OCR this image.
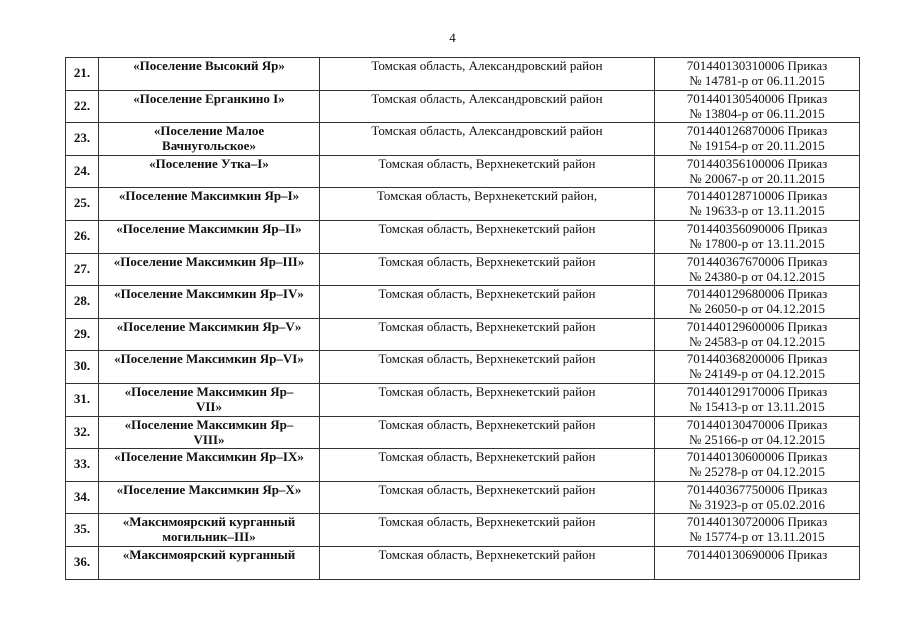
4
21.	«Поселение Высокий Яр»	Томская область, Александровский район	701440130310006 Приказ
№ 14781-р от 06.11.2015

22.	«Поселение Ерганкино I»	Томская область, Александровский район	701440130540006 Приказ
№ 13804-р от 06.11.2015

23.	«Поселение Малое
Вачнугольское»	Томская область, Александровский район	701440126870006 Приказ
№ 19154-р от 20.11.2015

24.	«Поселение Утка–I»	Томская область, Верхнекетский район	701440356100006 Приказ
№ 20067-р от 20.11.2015

25.	«Поселение Максимкин Яр–I»	Томская область, Верхнекетский район,	701440128710006 Приказ
№ 19633-р от 13.11.2015

26.	«Поселение Максимкин Яр–II»	Томская область, Верхнекетский район	701440356090006 Приказ
№ 17800-р от 13.11.2015

27.	«Поселение Максимкин Яр–III»	Томская область, Верхнекетский район	701440367670006 Приказ
№ 24380-р от 04.12.2015

28.	«Поселение Максимкин Яр–IV»	Томская область, Верхнекетский район	701440129680006 Приказ
№ 26050-р от 04.12.2015

29.	«Поселение Максимкин Яр–V»	Томская область, Верхнекетский район	701440129600006 Приказ
№ 24583-р от 04.12.2015

30.	«Поселение Максимкин Яр–VI»	Томская область, Верхнекетский район	701440368200006 Приказ
№ 24149-р от 04.12.2015

31.	«Поселение Максимкин Яр–
VII»	Томская область, Верхнекетский район	701440129170006 Приказ
№ 15413-р от 13.11.2015

32.	«Поселение Максимкин Яр–
VIII»	Томская область, Верхнекетский район	701440130470006 Приказ
№ 25166-р от 04.12.2015

33.	«Поселение Максимкин Яр–IX»	Томская область, Верхнекетский район	701440130600006 Приказ
№ 25278-р от 04.12.2015

34.	«Поселение Максимкин Яр–X»	Томская область, Верхнекетский район	701440367750006 Приказ
№ 31923-р от 05.02.2016

35.	«Максимоярский курганный
могильник–III»	Томская область, Верхнекетский район	701440130720006 Приказ
№ 15774-р от 13.11.2015

36.	«Максимоярский курганный	Томская область, Верхнекетский район	701440130690006 Приказ
